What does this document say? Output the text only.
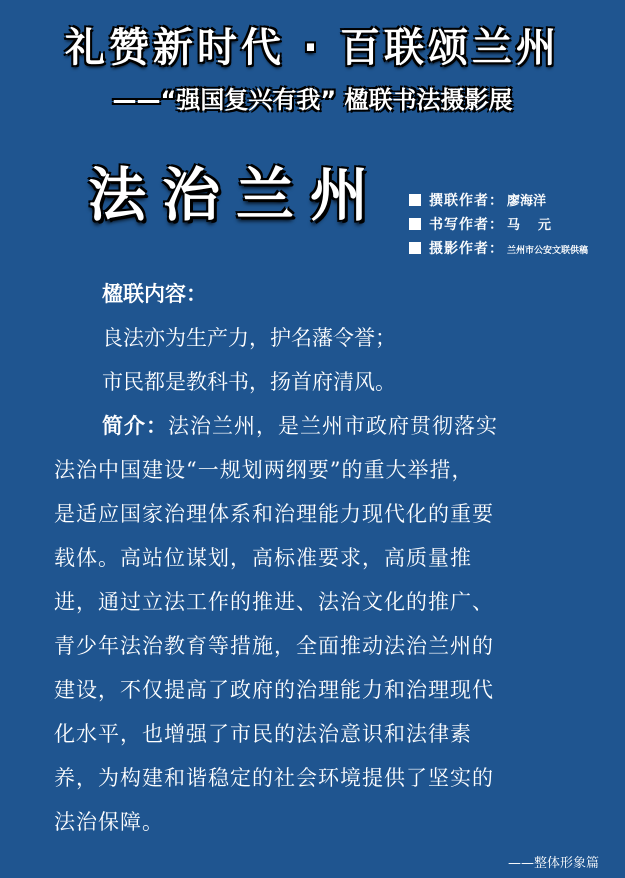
礼赞新时代 · 百联颂兰州
——“强国复兴有我” 楹联书法摄影展
法治兰州	撰联作者 ： 廖海洋
书写作者 ： 马元
摄影作者 ： 兰州市公安文联供稿
楹联内容：
良法亦为生产力，护名藩令誉；
市民都是教科书，扬首府清风。
简介：法治兰州，是兰州市政府贯彻落实
法治中国建设“一规划两纲要”的重大举措，
是适应国家治理体系和治理能力现代化的重要
载体。高站位谋划，高标准要求，高质量推
进，通过立法工作的推进、法治文化的推广、
青少年法治教育等措施，全面推动法治兰州的
建设，不仅提高了政府的治理能力和治理现代
化水平，也增强了市民的法治意识和法律素
养，为构建和谐稳定的社会环境提供了坚实的
法治保障。
——整体形象篇
